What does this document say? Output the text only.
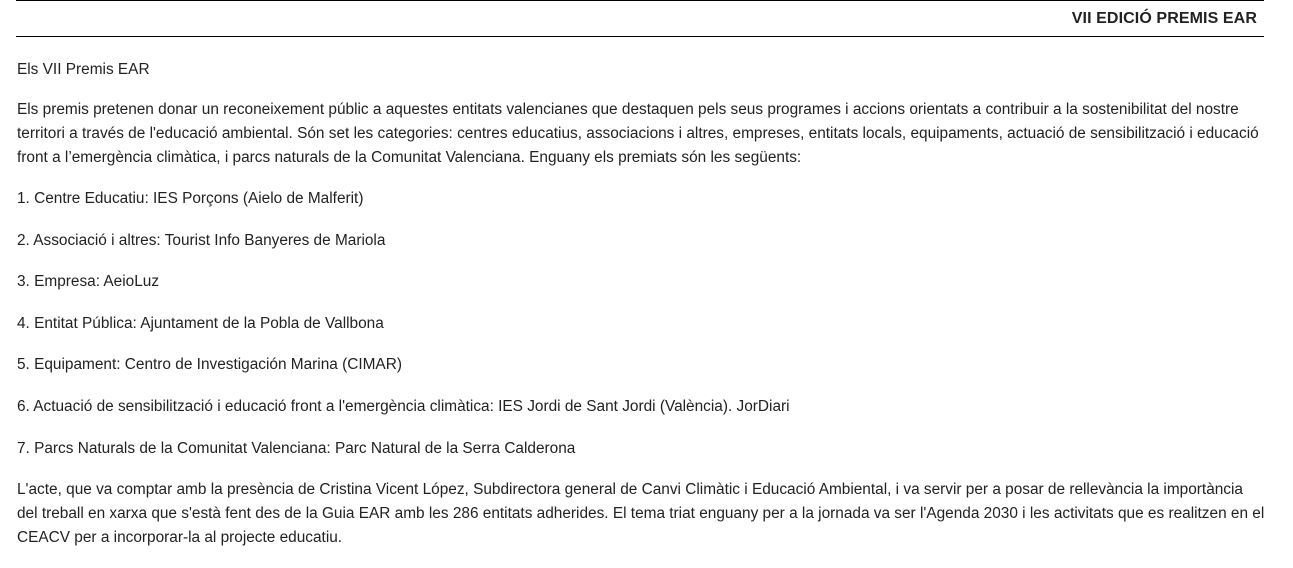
VII EDICIÓ PREMIS EAR

Els VII Premis EAR

Els premis pretenen donar un reconeixement públic a aquestes entitats valencianes que destaquen pels seus programes i accions orientats a contribuir a la sostenibilitat del nostre territori a través de l'educació ambiental. Són set les categories: centres educatius, associacions i altres, empreses, entitats locals, equipaments, actuació de sensibilització i educació front a l’emergència climàtica, i parcs naturals de la Comunitat Valenciana. Enguany els premiats són les següents:

1. Centre Educatiu: IES Porçons (Aielo de Malferit)
2. Associació i altres: Tourist Info Banyeres de Mariola
3. Empresa: AeioLuz
4. Entitat Pública: Ajuntament de la Pobla de Vallbona
5. Equipament: Centro de Investigación Marina (CIMAR)
6. Actuació de sensibilització i educació front a l'emergència climàtica: IES Jordi de Sant Jordi (València). JorDiari
7. Parcs Naturals de la Comunitat Valenciana: Parc Natural de la Serra Calderona

L'acte, que va comptar amb la presència de Cristina Vicent López, Subdirectora general de Canvi Climàtic i Educació Ambiental, i va servir per a posar de rellevància la importància del treball en xarxa que s'està fent des de la Guia EAR amb les 286 entitats adherides. El tema triat enguany per a la jornada va ser l'Agenda 2030 i les activitats que es realitzen en el CEACV per a incorporar-la al projecte educatiu.
